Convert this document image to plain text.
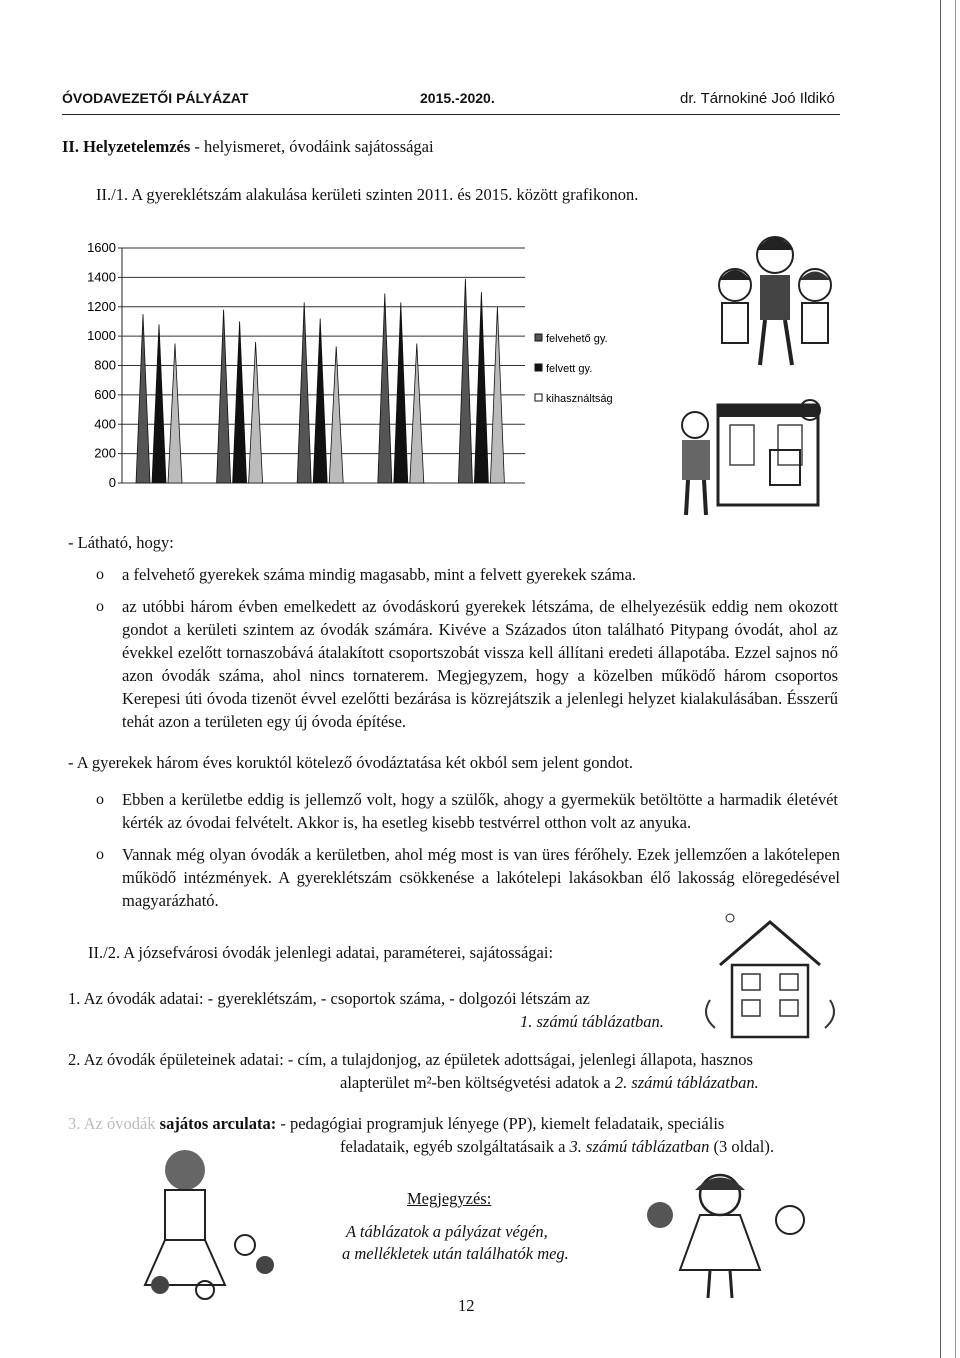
ÓVODAVEZETŐI PÁLYÁZAT	2015.-2020.	dr. Tárnokiné Joó Ildikó
II. Helyzetelemzés - helyismeret, óvodáink sajátosságai
II./1. A gyereklétszám alakulása kerületi szinten 2011. és 2015. között grafikonon.
1600
1400
1200
1000
800
600
400
200
0
felvehető gy.
felvett gy.
kihasználtság
- Látható, hogy:
o a felvehető gyerekek száma mindig magasabb, mint a felvett gyerekek száma.
o az utóbbi három évben emelkedett az óvodáskorú gyerekek létszáma, de elhelyezésük eddig nem okozott gondot a kerületi szintem az óvodák számára. Kivéve a Százados úton található Pitypang óvodát, ahol az évekkel ezelőtt tornaszobává átalakított csoportszobát vissza kell állítani eredeti állapotába. Ezzel sajnos nő azon óvodák száma, ahol nincs tornaterem. Megjegyzem, hogy a közelben működő három csoportos Kerepesi úti óvoda tizenöt évvel ezelőtti bezárása is közrejátszik a jelenlegi helyzet kialakulásában. Ésszerű tehát azon a területen egy új óvoda építése.
- A gyerekek három éves koruktól kötelező óvodáztatása két okból sem jelent gondot.
o Ebben a kerületbe eddig is jellemző volt, hogy a szülők, ahogy a gyermekük betöltötte a harmadik életévét kérték az óvodai felvételt. Akkor is, ha esetleg kisebb testvérrel otthon volt az anyuka.
o Vannak még olyan óvodák a kerületben, ahol még most is van üres férőhely. Ezek jellemzően a lakótelepen működő intézmények. A gyereklétszám csökkenése a lakótelepi lakásokban élő lakosság elöregedésével magyarázható.
II./2. A józsefvárosi óvodák jelenlegi adatai, paraméterei, sajátosságai:
1. Az óvodák adatai: - gyereklétszám, - csoportok száma, - dolgozói létszám az
1. számú táblázatban.
2. Az óvodák épületeinek adatai: - cím, a tulajdonjog, az épületek adottságai, jelenlegi állapota, hasznos
alapterület m²-ben költségvetési adatok a 2. számú táblázatban.
3. Az óvodák sajátos arculata: - pedagógiai programjuk lényege (PP), kiemelt feladataik, speciális
feladataik, egyéb szolgáltatásaik a 3. számú táblázatban (3 oldal).
Megjegyzés:
A táblázatok a pályázat végén,
a mellékletek után találhatók meg.
12
